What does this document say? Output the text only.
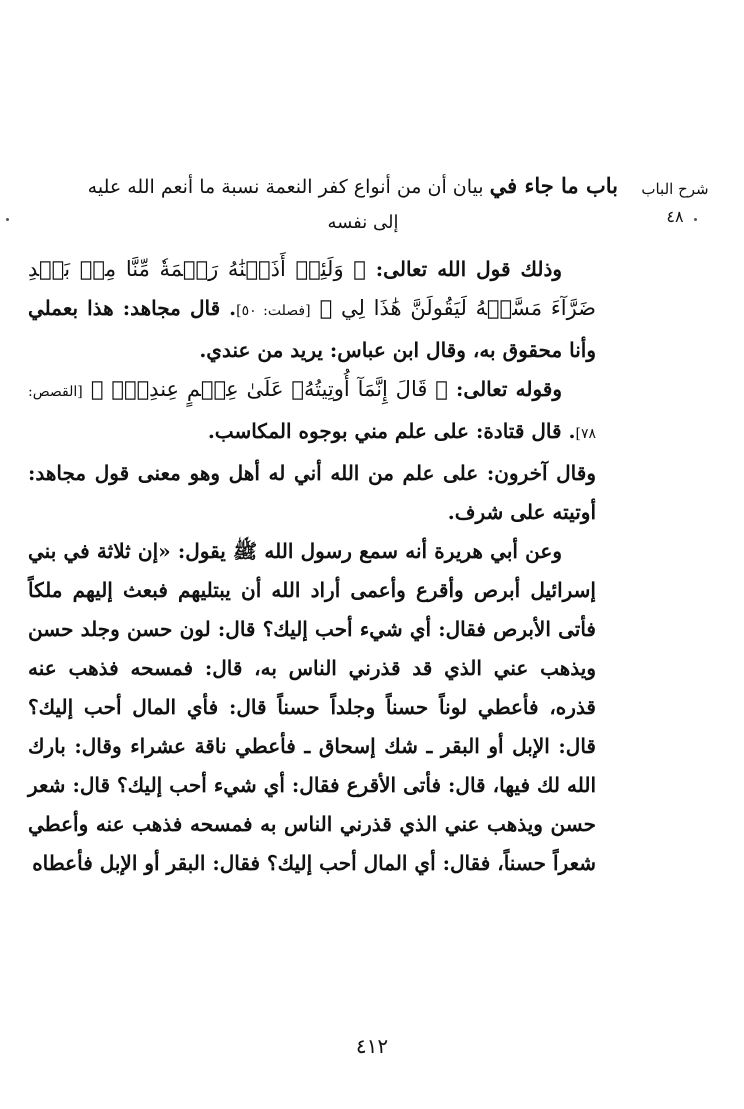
شرح الباب
٤٨
باب ما جاء في بيان أن من أنواع كفر النعمة نسبة ما أنعم الله عليه
إلى نفسه

وذلك قول الله تعالى: ﴿ وَلَئِنۡ أَذَقۡنَٰهُ رَحۡمَةٗ مِّنَّا مِنۢ بَعۡدِ ضَرَّآءَ مَسَّتۡهُ لَيَقُولَنَّ هَٰذَا لِي ﴾ [فصلت: ٥٠]. قال مجاهد: هذا بعملي وأنا محقوق به، وقال ابن عباس: يريد من عندي.

وقوله تعالى: ﴿ قَالَ إِنَّمَآ أُوتِيتُهُۥ عَلَىٰ عِلۡمٍ عِندِيٓۚ ﴾ [القصص: ٧٨]. قال قتادة: على علم مني بوجوه المكاسب.

وقال آخرون: على علم من الله أني له أهل وهو معنى قول مجاهد: أوتيته على شرف.

وعن أبي هريرة أنه سمع رسول الله ﷺ يقول: «إن ثلاثة في بني إسرائيل أبرص وأقرع وأعمى أراد الله أن يبتليهم فبعث إليهم ملكاً فأتى الأبرص فقال: أي شيء أحب إليك؟ قال: لون حسن وجلد حسن ويذهب عني الذي قد قذرني الناس به، قال: فمسحه فذهب عنه قذره، فأعطي لوناً حسناً وجلداً حسناً قال: فأي المال أحب إليك؟ قال: الإبل أو البقر ـ شك إسحاق ـ فأعطي ناقة عشراء وقال: بارك الله لك فيها، قال: فأتى الأقرع فقال: أي شيء أحب إليك؟ قال: شعر حسن ويذهب عني الذي قذرني الناس به فمسحه فذهب عنه وأعطي شعراً حسناً، فقال: أي المال أحب إليك؟ فقال: البقر أو الإبل فأعطاه

٤١٢
